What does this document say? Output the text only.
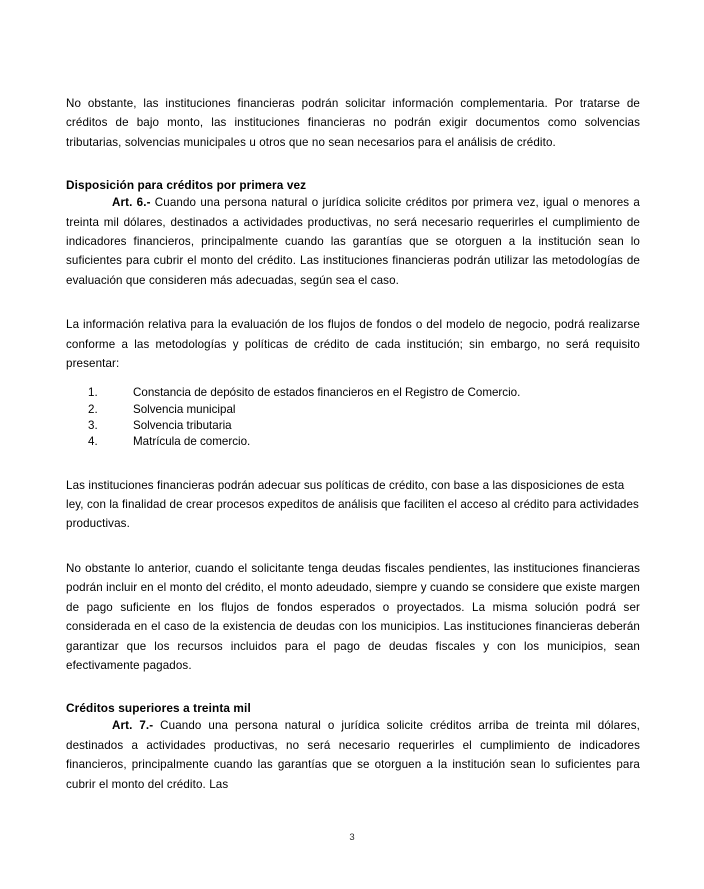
No obstante, las instituciones financieras podrán solicitar información complementaria. Por tratarse de créditos de bajo monto, las instituciones financieras no podrán exigir documentos como solvencias tributarias, solvencias municipales u otros que no sean necesarios para el análisis de crédito.

Disposición para créditos por primera vez

Art. 6.- Cuando una persona natural o jurídica solicite créditos por primera vez, igual o menores a treinta mil dólares, destinados a actividades productivas, no será necesario requerirles el cumplimiento de indicadores financieros, principalmente cuando las garantías que se otorguen a la institución sean lo suficientes para cubrir el monto del crédito. Las instituciones financieras podrán utilizar las metodologías de evaluación que consideren más adecuadas, según sea el caso.

La información relativa para la evaluación de los flujos de fondos o del modelo de negocio, podrá realizarse conforme a las metodologías y políticas de crédito de cada institución; sin embargo, no será requisito presentar:

1.	Constancia de depósito de estados financieros en el Registro de Comercio.
2.	Solvencia municipal
3.	Solvencia tributaria
4.	Matrícula de comercio.

Las instituciones financieras podrán adecuar sus políticas de crédito, con base a las disposiciones de esta ley, con la finalidad de crear procesos expeditos de análisis que faciliten el acceso al crédito para actividades productivas.

No obstante lo anterior, cuando el solicitante tenga deudas fiscales pendientes, las instituciones financieras podrán incluir en el monto del crédito, el monto adeudado, siempre y cuando se considere que existe margen de pago suficiente en los flujos de fondos esperados o proyectados. La misma solución podrá ser considerada en el caso de la existencia de deudas con los municipios. Las instituciones financieras deberán garantizar que los recursos incluidos para el pago de deudas fiscales y con los municipios, sean efectivamente pagados.

Créditos superiores a treinta mil

Art. 7.- Cuando una persona natural o jurídica solicite créditos arriba de treinta mil dólares, destinados a actividades productivas, no será necesario requerirles el cumplimiento de indicadores financieros, principalmente cuando las garantías que se otorguen a la institución sean lo suficientes para cubrir el monto del crédito. Las

3
